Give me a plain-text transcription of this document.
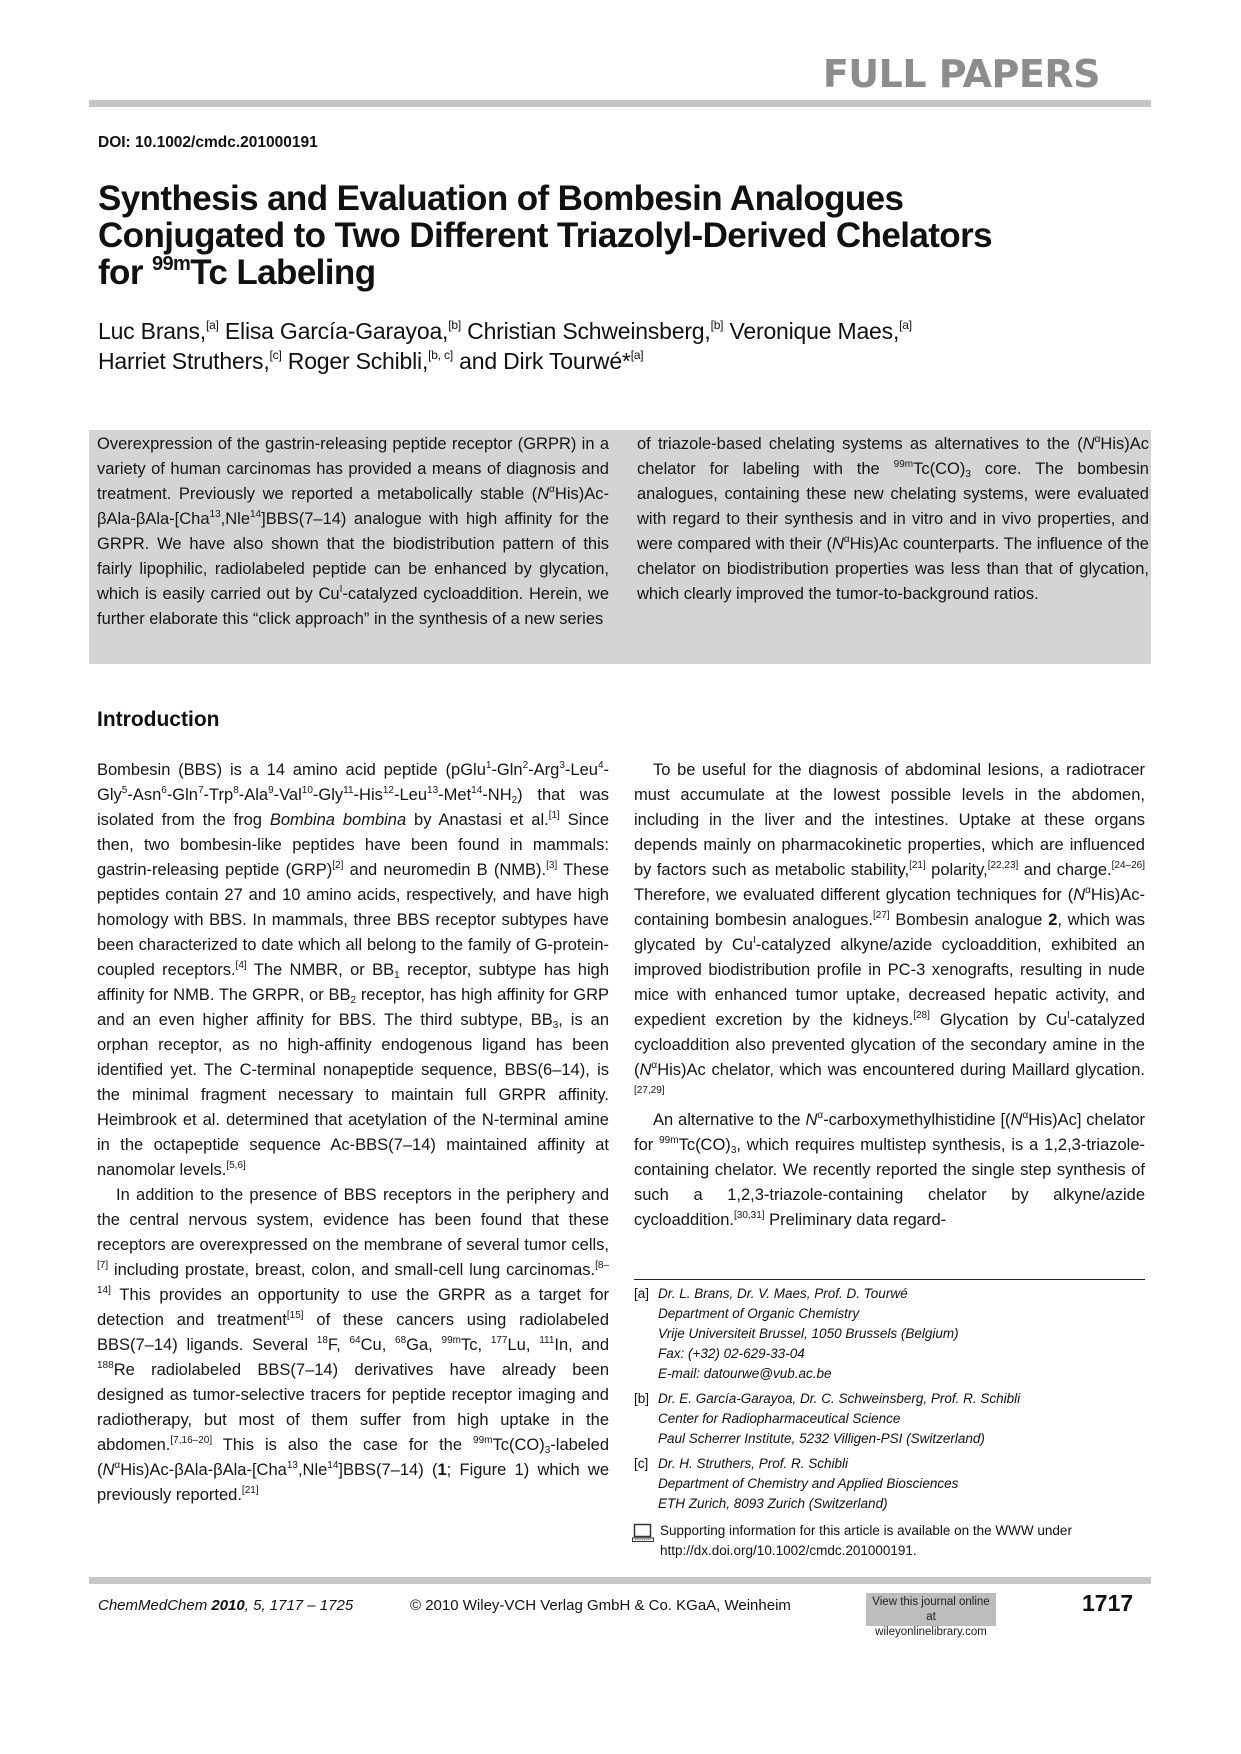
FULL PAPERS
DOI: 10.1002/cmdc.201000191
Synthesis and Evaluation of Bombesin Analogues
Conjugated to Two Different Triazolyl-Derived Chelators
for $^{99m}$Tc Labeling
Luc Brans,[a] Elisa García-Garayoa,[b] Christian Schweinsberg,[b] Veronique Maes,[a]
Harriet Struthers,[c] Roger Schibli,[b, c] and Dirk Tourwé*[a]
Overexpression of the gastrin-releasing peptide receptor (GRPR) in a variety of human carcinomas has provided a means of diagnosis and treatment. Previously we reported a metabolically stable $(N^\alpha His)Ac-\beta Ala-\beta Ala-[Cha^{13},Nle^{14}]BBS(7-14)$ analogue with high affinity for the GRPR. We have also shown that the biodistribution pattern of this fairly lipophilic, radiolabeled peptide can be enhanced by glycation, which is easily carried out by $Cu^I$-catalyzed cycloaddition. Herein, we further elaborate this “click approach” in the synthesis of a new series
of triazole-based chelating systems as alternatives to the $(N^\alpha His)Ac$ chelator for labeling with the $^{99m}Tc(CO)_3$ core. The bombesin analogues, containing these new chelating systems, were evaluated with regard to their synthesis and in vitro and in vivo properties, and were compared with their $(N^\alpha His)Ac$ counterparts. The influence of the chelator on biodistribution properties was less than that of glycation, which clearly improved the tumor-to-background ratios.
Introduction

Bombesin (BBS) is a 14 amino acid peptide $(pGlu^1-Gln^2-Arg^3-Leu^4-Gly^5-Asn^6-Gln^7-Trp^8-Ala^9-Val^{10}-Gly^{11}-His^{12}-Leu^{13}-Met^{14}-NH_2)$ that was isolated from the frog Bombina bombina by Anastasi et al.[1] Since then, two bombesin-like peptides have been found in mammals: gastrin-releasing peptide (GRP)[2] and neuromedin B (NMB).[3] These peptides contain 27 and 10 amino acids, respectively, and have high homology with BBS. In mammals, three BBS receptor subtypes have been characterized to date which all belong to the family of G-protein-coupled receptors.[4] The NMBR, or $BB_1$ receptor, subtype has high affinity for NMB. The GRPR, or $BB_2$ receptor, has high affinity for GRP and an even higher affinity for BBS. The third subtype, $BB_3$, is an orphan receptor, as no high-affinity endogenous ligand has been identified yet. The C-terminal nonapeptide sequence, BBS(6–14), is the minimal fragment necessary to maintain full GRPR affinity. Heimbrook et al. determined that acetylation of the N-terminal amine in the octapeptide sequence Ac-BBS(7–14) maintained affinity at nanomolar levels.[5,6]

In addition to the presence of BBS receptors in the periphery and the central nervous system, evidence has been found that these receptors are overexpressed on the membrane of several tumor cells,[7] including prostate, breast, colon, and small-cell lung carcinomas.[8–14] This provides an opportunity to use the GRPR as a target for detection and treatment[15] of these cancers using radiolabeled BBS(7–14) ligands. Several $^{18}$F, $^{64}$Cu, $^{68}$Ga, $^{99m}$Tc, $^{177}$Lu, $^{111}$In, and $^{188}$Re radiolabeled BBS(7–14) derivatives have already been designed as tumor-selective tracers for peptide receptor imaging and radiotherapy, but most of them suffer from high uptake in the abdomen.[7,16–20] This is also the case for the $^{99m}Tc(CO)_3$-labeled $(N^\alpha His)Ac-\beta Ala-\beta Ala-[Cha^{13},Nle^{14}]BBS(7-14)$ (1; Figure 1) which we previously reported.[21]

To be useful for the diagnosis of abdominal lesions, a radiotracer must accumulate at the lowest possible levels in the abdomen, including in the liver and the intestines. Uptake at these organs depends mainly on pharmacokinetic properties, which are influenced by factors such as metabolic stability,[21] polarity,[22,23] and charge.[24–26] Therefore, we evaluated different glycation techniques for $(N^\alpha His)Ac$-containing bombesin analogues.[27] Bombesin analogue 2, which was glycated by $Cu^I$-catalyzed alkyne/azide cycloaddition, exhibited an improved biodistribution profile in PC-3 xenografts, resulting in nude mice with enhanced tumor uptake, decreased hepatic activity, and expedient excretion by the kidneys.[28] Glycation by $Cu^I$-catalyzed cycloaddition also prevented glycation of the secondary amine in the $(N^\alpha His)Ac$ chelator, which was encountered during Maillard glycation.[27,29]

An alternative to the $N^\alpha$-carboxymethylhistidine $[(N^\alpha His)Ac]$ chelator for $^{99m}Tc(CO)_3$, which requires multistep synthesis, is a 1,2,3-triazole-containing chelator. We recently reported the single step synthesis of such a 1,2,3-triazole-containing chelator by alkyne/azide cycloaddition.[30,31] Preliminary data regard-

[a] Dr. L. Brans, Dr. V. Maes, Prof. D. Tourwé
Department of Organic Chemistry
Vrije Universiteit Brussel, 1050 Brussels (Belgium)
Fax: (+32) 02-629-33-04
E-mail: datourwe@vub.ac.be
[b] Dr. E. García-Garayoa, Dr. C. Schweinsberg, Prof. R. Schibli
Center for Radiopharmaceutical Science
Paul Scherrer Institute, 5232 Villigen-PSI (Switzerland)
[c] Dr. H. Struthers, Prof. R. Schibli
Department of Chemistry and Applied Biosciences
ETH Zurich, 8093 Zurich (Switzerland)
Supporting information for this article is available on the WWW under
http://dx.doi.org/10.1002/cmdc.201000191.
ChemMedChem 2010, 5, 1717 – 1725	© 2010 Wiley-VCH Verlag GmbH & Co. KGaA, Weinheim	View this journal online at
wileyonlinelibrary.com
1717
